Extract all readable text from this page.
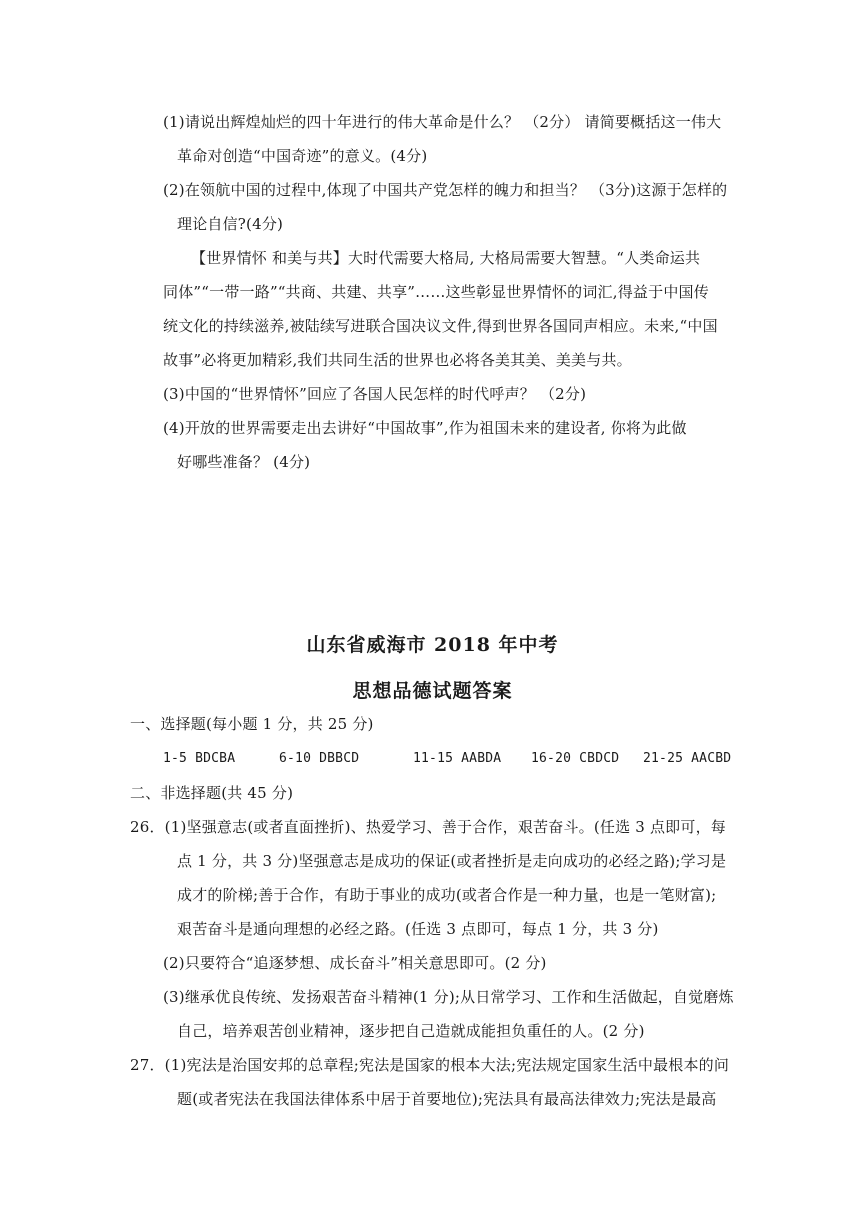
(1)请说出辉煌灿烂的四十年进行的伟大革命是什么？ （2分） 请简要概括这一伟大
革命对创造“中国奇迹”的意义。(4分)
(2)在领航中国的过程中,体现了中国共产党怎样的魄力和担当？ （3分)这源于怎样的
理论自信?(4分)
【世界情怀 和美与共】大时代需要大格局, 大格局需要大智慧。“人类命运共
同体”“一带一路”“共商、共建、共享”……这些彰显世界情怀的词汇,得益于中国传
统文化的持续滋养,被陆续写进联合国决议文件,得到世界各国同声相应。未来,“中国
故事”必将更加精彩,我们共同生活的世界也必将各美其美、美美与共。
(3)中国的“世界情怀”回应了各国人民怎样的时代呼声？ （2分)
(4)开放的世界需要走出去讲好“中国故事”,作为祖国未来的建设者, 你将为此做
好哪些准备？ (4分)
山东省威海市 2018 年中考
思想品德试题答案
一、选择题(每小题 1 分，共 25 分)
1-5 BDCBA	6-10 DBBCD	11-15 AABDA 16-20 CBDCD 21-25 AACBD
二、非选择题(共 45 分)
26．(1)坚强意志(或者直面挫折)、热爱学习、善于合作，艰苦奋斗。(任选 3 点即可，每
点 1 分，共 3 分)坚强意志是成功的保证(或者挫折是走向成功的必经之路);学习是
成才的阶梯;善于合作，有助于事业的成功(或者合作是一种力量，也是一笔财富);
艰苦奋斗是通向理想的必经之路。(任选 3 点即可，每点 1 分，共 3 分)
(2)只要符合“追逐梦想、成长奋斗”相关意思即可。(2 分)
(3)继承优良传统、发扬艰苦奋斗精神(1 分);从日常学习、工作和生活做起，自觉磨炼
自己，培养艰苦创业精神，逐步把自己造就成能担负重任的人。(2 分)
27．(1)宪法是治国安邦的总章程;宪法是国家的根本大法;宪法规定国家生活中最根本的问
题(或者宪法在我国法律体系中居于首要地位);宪法具有最高法律效力;宪法是最高
